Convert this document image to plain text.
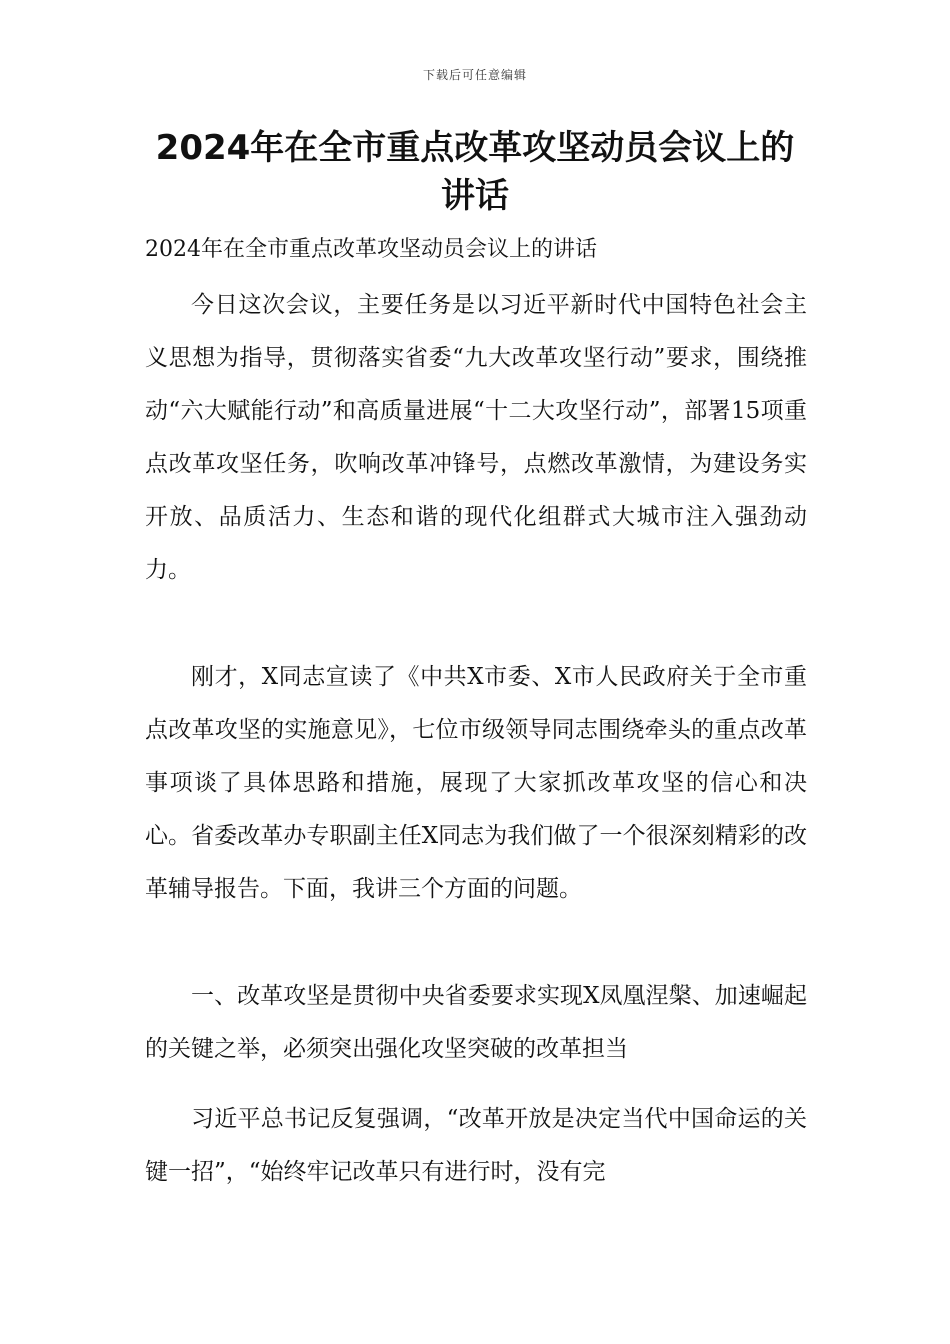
下载后可任意编辑
2024年在全市重点改革攻坚动员会议上的讲话

2024年在全市重点改革攻坚动员会议上的讲话

今日这次会议，主要任务是以习近平新时代中国特色社会主义思想为指导，贯彻落实省委“九大改革攻坚行动”要求，围绕推动“六大赋能行动”和高质量进展“十二大攻坚行动”，部署15项重点改革攻坚任务，吹响改革冲锋号，点燃改革激情，为建设务实开放、品质活力、生态和谐的现代化组群式大城市注入强劲动力。

刚才，X同志宣读了《中共X市委、X市人民政府关于全市重点改革攻坚的实施意见》，七位市级领导同志围绕牵头的重点改革事项谈了具体思路和措施，展现了大家抓改革攻坚的信心和决心。省委改革办专职副主任X同志为我们做了一个很深刻精彩的改革辅导报告。下面，我讲三个方面的问题。

一、改革攻坚是贯彻中央省委要求实现X凤凰涅槃、加速崛起的关键之举，必须突出强化攻坚突破的改革担当

习近平总书记反复强调，“改革开放是决定当代中国命运的关键一招”，“始终牢记改革只有进行时，没有完
